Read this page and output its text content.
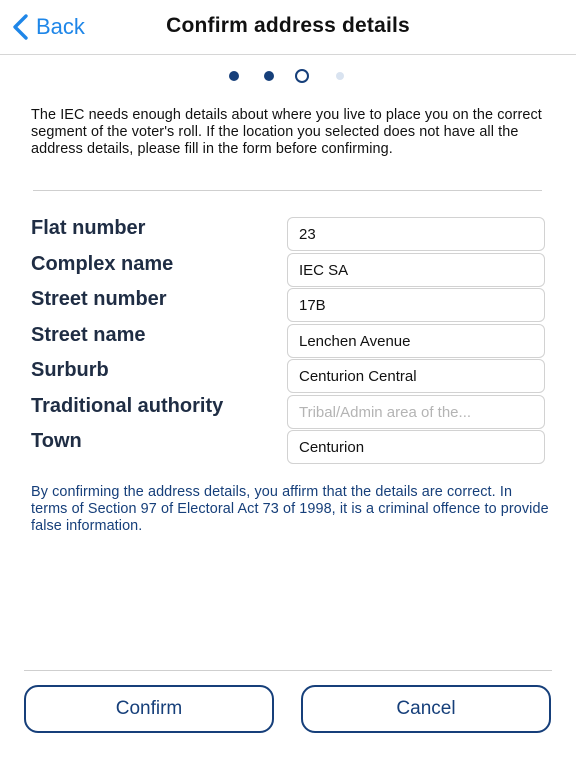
Back	Confirm address details
The IEC needs enough details about where you live to place you on the correct segment of the voter's roll. If the location you selected does not have all the address details, please fill in the form before confirming.
Flat number
23
Complex name
IEC SA
Street number
17B
Street name
Lenchen Avenue
Surburb
Centurion Central
Traditional authority
Tribal/Admin area of the...
Town
Centurion
By confirming the address details, you affirm that the details are correct. In terms of Section 97 of Electoral Act 73 of 1998, it is a criminal offence to provide false information.
Confirm	Cancel
